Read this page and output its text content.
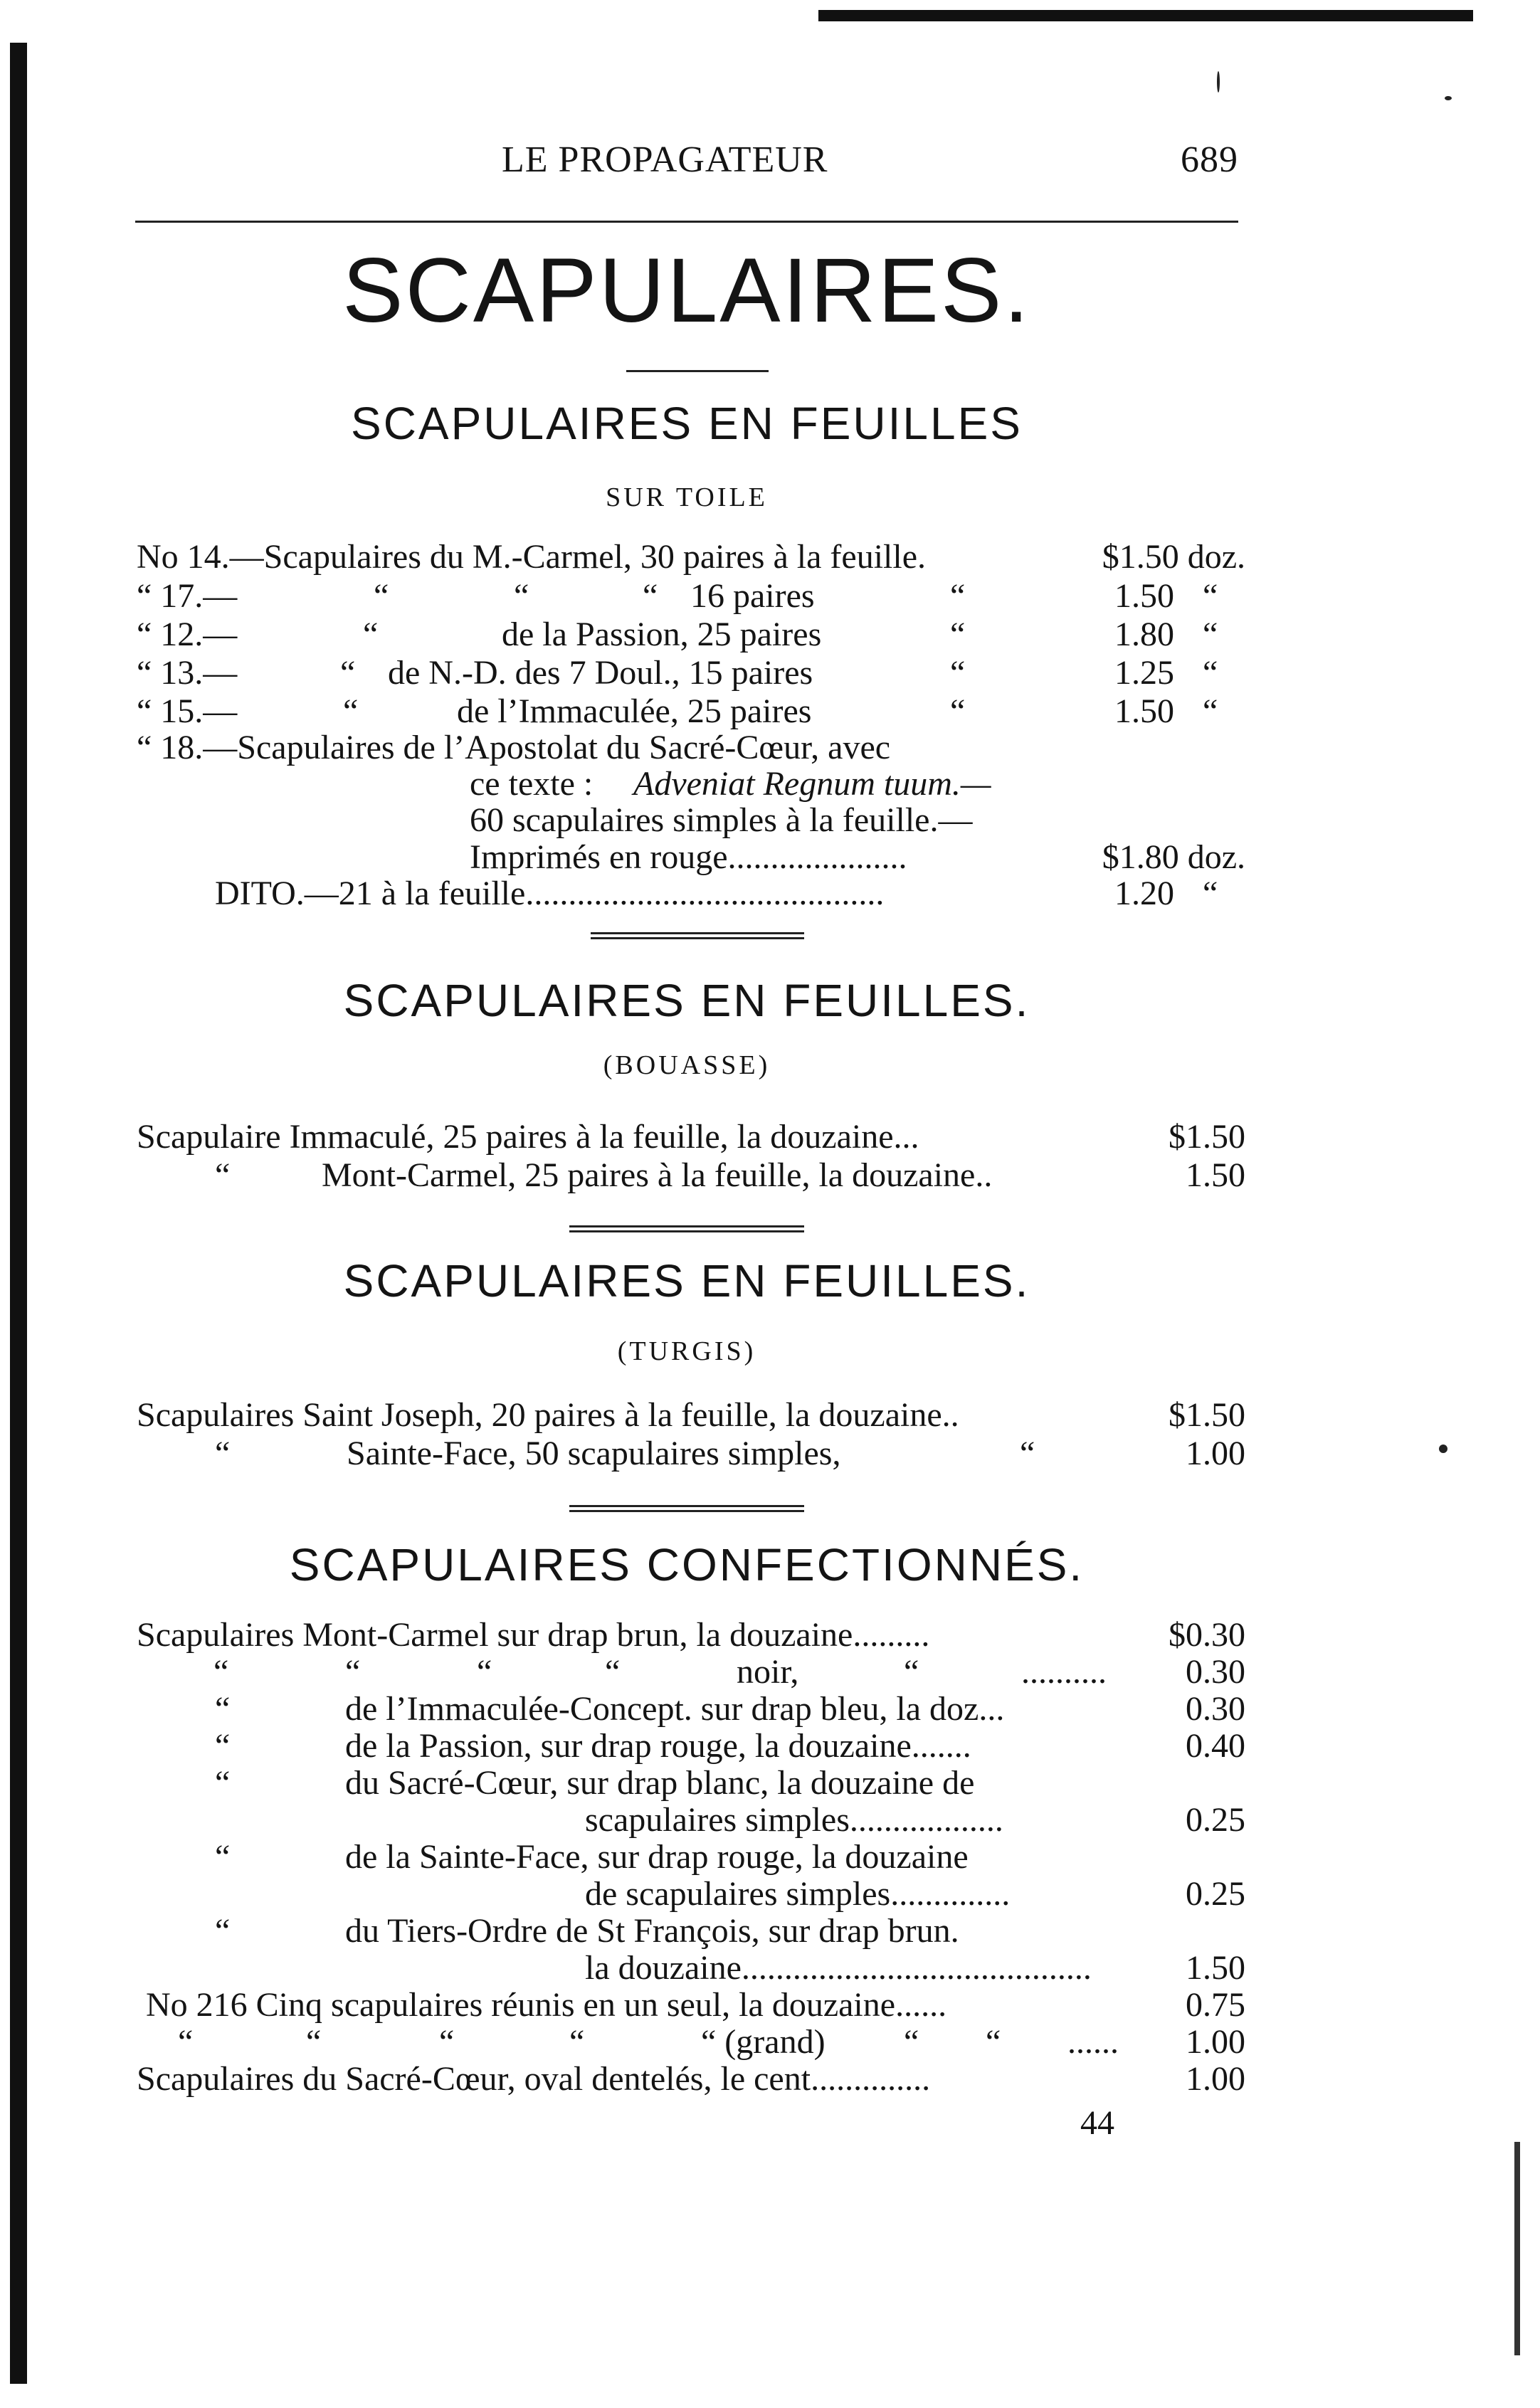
LE PROPAGATEUR	689
SCAPULAIRES.
SCAPULAIRES EN FEUILLES
SUR TOILE
No 14.—Scapulaires du M.-Carmel, 30 paires à la feuille.	$1.50 doz.
“ 17.—	“	“	“ 16 paires	“	1.50 “
“ 12.—	“	de la Passion, 25 paires	“	1.80 “
“ 13.—	“ de N.-D. des 7 Doul., 15 paires	“	1.25 “
“ 15.—	“	de l’Immaculée, 25 paires	“	1.50 “
“ 18.—Scapulaires de l’Apostolat du Sacré-Cœur, avec
ce texte : Adveniat Regnum tuum.—
60 scapulaires simples à la feuille.—
Imprimés en rouge.....................	$1.80 doz.
DITO.—21 à la feuille..........................................	1.20 “
SCAPULAIRES EN FEUILLES.
(BOUASSE)
Scapulaire Immaculé, 25 paires à la feuille, la douzaine...	$1.50
“	Mont-Carmel, 25 paires à la feuille, la douzaine..	1.50
SCAPULAIRES EN FEUILLES.
(TURGIS)
Scapulaires Saint Joseph, 20 paires à la feuille, la douzaine..	$1.50
“	Sainte-Face, 50 scapulaires simples,	“	1.00
SCAPULAIRES CONFECTIONNÉS.
Scapulaires Mont-Carmel sur drap brun, la douzaine.........	$0.30
“	“	“	“	noir,	“	..........	0.30
“	de l’Immaculée-Concept. sur drap bleu, la doz...	0.30
“	de la Passion, sur drap rouge, la douzaine.......	0.40
“	du Sacré-Cœur, sur drap blanc, la douzaine de
scapulaires simples..................	0.25
“	de la Sainte-Face, sur drap rouge, la douzaine
de scapulaires simples..............	0.25
“	du Tiers-Ordre de St François, sur drap brun.
la douzaine.........................................	1.50
No 216 Cinq scapulaires réunis en un seul, la douzaine......	0.75
“	“	“	“	“ (grand) “ “ ......	1.00
Scapulaires du Sacré-Cœur, oval dentelés, le cent..............	1.00
44
